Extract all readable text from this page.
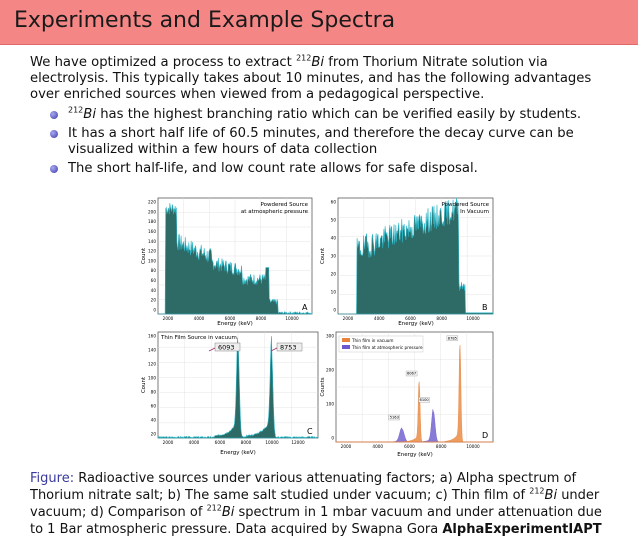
Experiments and Example Spectra
We have optimized a process to extract $^{212}$Bi from Thorium Nitrate solution via electrolysis. This typically takes about 10 minutes, and has the following advantages over enriched sources when viewed from a pedagogical perspective.
$^{212}$Bi has the highest branching ratio which can be verified easily by students.
It has a short half life of 60.5 minutes, and therefore the decay curve can be visualized within a few hours of data collection
The short half-life, and low count rate allows for safe disposal.
Powdered Source
at atmospheric pressure
A
220
200
180
160
140
120
100
80
60
40
20
0
2000	4000	6000	8000	10000
Energy (keV)
Count
Powdered Source
In Vacuum
B
60
50
40
30
20
10
0
2000	4000	6000	8000	10000
Energy (keV)
Count
Thin Film Source in vacuum
6093	8753
C
160
140
120
100
80
60
40
20
2000	4000	6000	8000	10000	12000
Energy (keV)
Count
Thin film in vacuum
Thin film at atmospheric pressure
5163
6067
6100
8785
D
300
200
100
0
2000	4000	6000	8000	10000
Energy (keV)
Counts
Figure: Radioactive sources under various attenuating factors; a) Alpha spectrum of Thorium nitrate salt; b) The same salt studied under vacuum; c) Thin film of $^{212}$Bi under vacuum; d) Comparison of $^{212}$Bi spectrum in 1 mbar vacuum and under attenuation due to 1 Bar atmospheric pressure. Data acquired by Swapna Gora AlphaExperimentIAPT
